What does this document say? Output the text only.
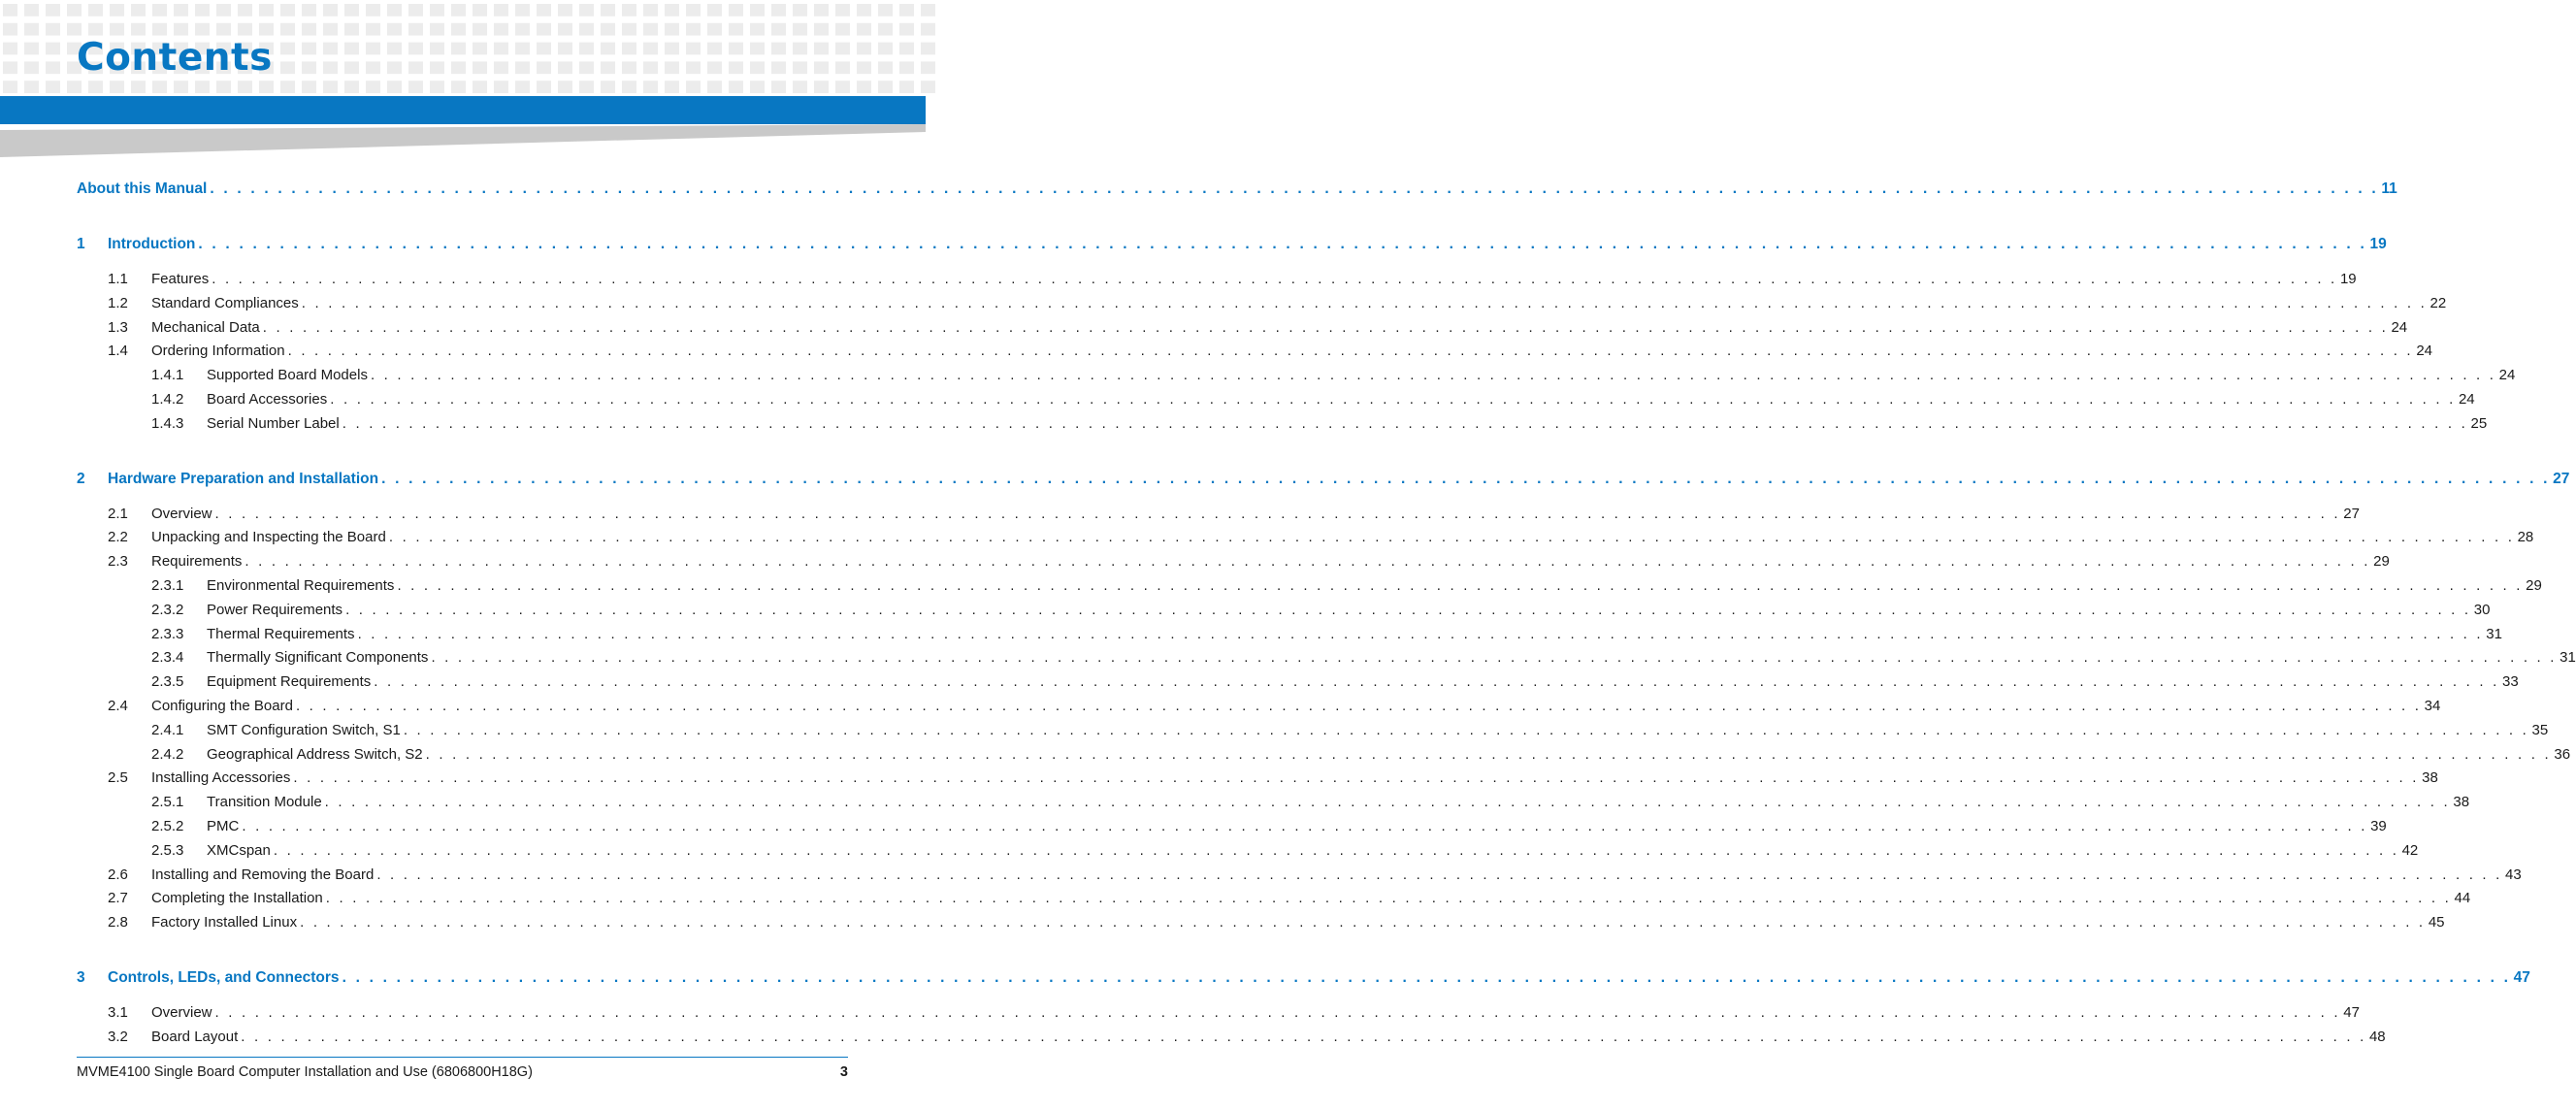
Contents
About this Manual . . . . . . . . . . . . . . . . . . . . . . . . . . . . . . . . . . . . . . . . . . . . . . . . . . . . . . . . . . . . . . . . . . . . . . . . . . . . . . . . . . . . . . . . . . . . . . . . . . . . . . . . . . . . . . . . . . . . . . . . . . . . . . . . . . . . . . . . . . . . . . . . . . . . . . . . . . . . . . . . 11
1	Introduction . . . . . . . . . . . . . . . . . . . . . . . . . . . . . . . . . . . . . . . . . . . . . . . . . . . . . . . . . . . . . . . . . . . . . . . . . . . . . . . . . . . . . . . . . . . . . . . . . . . . . . . . . . . . . . . . . . . . . . . . . . . . . . . . . . . . . . . . . . . . . . . . . . . . . . . . . . . . . . . . 19
1.1	Features . . . . . . . . . . . . . . . . . . . . . . . . . . . . . . . . . . . . . . . . . . . . . . . . . . . . . . . . . . . . . . . . . . . . . . . . . . . . . . . . . . . . . . . . . . . . . . . . . . . . . . . . . . . . . . . . . . . . . . . . . . . . . . . . . . . . . . . . . . . . . . . . . . . . . . . . . . . . . . . . 19
1.2	Standard Compliances . . . . . . . . . . . . . . . . . . . . . . . . . . . . . . . . . . . . . . . . . . . . . . . . . . . . . . . . . . . . . . . . . . . . . . . . . . . . . . . . . . . . . . . . . . . . . . . . . . . . . . . . . . . . . . . . . . . . . . . . . . . . . . . . . . . . . . . . . . . . . . . . . . . . . . . . . . . . . . . . 22
1.3	Mechanical Data . . . . . . . . . . . . . . . . . . . . . . . . . . . . . . . . . . . . . . . . . . . . . . . . . . . . . . . . . . . . . . . . . . . . . . . . . . . . . . . . . . . . . . . . . . . . . . . . . . . . . . . . . . . . . . . . . . . . . . . . . . . . . . . . . . . . . . . . . . . . . . . . . . . . . . . . . . . . . . . . 24
1.4	Ordering Information . . . . . . . . . . . . . . . . . . . . . . . . . . . . . . . . . . . . . . . . . . . . . . . . . . . . . . . . . . . . . . . . . . . . . . . . . . . . . . . . . . . . . . . . . . . . . . . . . . . . . . . . . . . . . . . . . . . . . . . . . . . . . . . . . . . . . . . . . . . . . . . . . . . . . . . . . . . . . . . . 24
1.4.1	Supported Board Models . . . . . . . . . . . . . . . . . . . . . . . . . . . . . . . . . . . . . . . . . . . . . . . . . . . . . . . . . . . . . . . . . . . . . . . . . . . . . . . . . . . . . . . . . . . . . . . . . . . . . . . . . . . . . . . . . . . . . . . . . . . . . . . . . . . . . . . . . . . . . . . . . . . . . . . . . . . . . . . . 24
1.4.2	Board Accessories . . . . . . . . . . . . . . . . . . . . . . . . . . . . . . . . . . . . . . . . . . . . . . . . . . . . . . . . . . . . . . . . . . . . . . . . . . . . . . . . . . . . . . . . . . . . . . . . . . . . . . . . . . . . . . . . . . . . . . . . . . . . . . . . . . . . . . . . . . . . . . . . . . . . . . . . . . . . . . . . 24
1.4.3	Serial Number Label . . . . . . . . . . . . . . . . . . . . . . . . . . . . . . . . . . . . . . . . . . . . . . . . . . . . . . . . . . . . . . . . . . . . . . . . . . . . . . . . . . . . . . . . . . . . . . . . . . . . . . . . . . . . . . . . . . . . . . . . . . . . . . . . . . . . . . . . . . . . . . . . . . . . . . . . . . . . . . . . 25
2	Hardware Preparation and Installation . . . . . . . . . . . . . . . . . . . . . . . . . . . . . . . . . . . . . . . . . . . . . . . . . . . . . . . . . . . . . . . . . . . . . . . . . . . . . . . . . . . . . . . . . . . . . . . . . . . . . . . . . . . . . . . . . . . . . . . . . . . . . . . . . . . . . . . . . . . . . . . . . . . . . . . . . . . . . . . . 27
2.1	Overview . . . . . . . . . . . . . . . . . . . . . . . . . . . . . . . . . . . . . . . . . . . . . . . . . . . . . . . . . . . . . . . . . . . . . . . . . . . . . . . . . . . . . . . . . . . . . . . . . . . . . . . . . . . . . . . . . . . . . . . . . . . . . . . . . . . . . . . . . . . . . . . . . . . . . . . . . . . . . . . . 27
2.2	Unpacking and Inspecting the Board . . . . . . . . . . . . . . . . . . . . . . . . . . . . . . . . . . . . . . . . . . . . . . . . . . . . . . . . . . . . . . . . . . . . . . . . . . . . . . . . . . . . . . . . . . . . . . . . . . . . . . . . . . . . . . . . . . . . . . . . . . . . . . . . . . . . . . . . . . . . . . . . . . . . . . . . . . . . . . . . 28
2.3	Requirements . . . . . . . . . . . . . . . . . . . . . . . . . . . . . . . . . . . . . . . . . . . . . . . . . . . . . . . . . . . . . . . . . . . . . . . . . . . . . . . . . . . . . . . . . . . . . . . . . . . . . . . . . . . . . . . . . . . . . . . . . . . . . . . . . . . . . . . . . . . . . . . . . . . . . . . . . . . . . . . . 29
2.3.1	Environmental Requirements . . . . . . . . . . . . . . . . . . . . . . . . . . . . . . . . . . . . . . . . . . . . . . . . . . . . . . . . . . . . . . . . . . . . . . . . . . . . . . . . . . . . . . . . . . . . . . . . . . . . . . . . . . . . . . . . . . . . . . . . . . . . . . . . . . . . . . . . . . . . . . . . . . . . . . . . . . . . . . . . 29
2.3.2	Power Requirements . . . . . . . . . . . . . . . . . . . . . . . . . . . . . . . . . . . . . . . . . . . . . . . . . . . . . . . . . . . . . . . . . . . . . . . . . . . . . . . . . . . . . . . . . . . . . . . . . . . . . . . . . . . . . . . . . . . . . . . . . . . . . . . . . . . . . . . . . . . . . . . . . . . . . . . . . . . . . . . . 30
2.3.3	Thermal Requirements . . . . . . . . . . . . . . . . . . . . . . . . . . . . . . . . . . . . . . . . . . . . . . . . . . . . . . . . . . . . . . . . . . . . . . . . . . . . . . . . . . . . . . . . . . . . . . . . . . . . . . . . . . . . . . . . . . . . . . . . . . . . . . . . . . . . . . . . . . . . . . . . . . . . . . . . . . . . . . . . 31
2.3.4	Thermally Significant Components . . . . . . . . . . . . . . . . . . . . . . . . . . . . . . . . . . . . . . . . . . . . . . . . . . . . . . . . . . . . . . . . . . . . . . . . . . . . . . . . . . . . . . . . . . . . . . . . . . . . . . . . . . . . . . . . . . . . . . . . . . . . . . . . . . . . . . . . . . . . . . . . . . . . . . . . . . . . . . . . 31
2.3.5	Equipment Requirements . . . . . . . . . . . . . . . . . . . . . . . . . . . . . . . . . . . . . . . . . . . . . . . . . . . . . . . . . . . . . . . . . . . . . . . . . . . . . . . . . . . . . . . . . . . . . . . . . . . . . . . . . . . . . . . . . . . . . . . . . . . . . . . . . . . . . . . . . . . . . . . . . . . . . . . . . . . . . . . . 33
2.4	Configuring the Board . . . . . . . . . . . . . . . . . . . . . . . . . . . . . . . . . . . . . . . . . . . . . . . . . . . . . . . . . . . . . . . . . . . . . . . . . . . . . . . . . . . . . . . . . . . . . . . . . . . . . . . . . . . . . . . . . . . . . . . . . . . . . . . . . . . . . . . . . . . . . . . . . . . . . . . . . . . . . . . . 34
2.4.1	SMT Configuration Switch, S1 . . . . . . . . . . . . . . . . . . . . . . . . . . . . . . . . . . . . . . . . . . . . . . . . . . . . . . . . . . . . . . . . . . . . . . . . . . . . . . . . . . . . . . . . . . . . . . . . . . . . . . . . . . . . . . . . . . . . . . . . . . . . . . . . . . . . . . . . . . . . . . . . . . . . . . . . . . . . . . . . 35
2.4.2	Geographical Address Switch, S2 . . . . . . . . . . . . . . . . . . . . . . . . . . . . . . . . . . . . . . . . . . . . . . . . . . . . . . . . . . . . . . . . . . . . . . . . . . . . . . . . . . . . . . . . . . . . . . . . . . . . . . . . . . . . . . . . . . . . . . . . . . . . . . . . . . . . . . . . . . . . . . . . . . . . . . . . . . . . . . . . 36
2.5	Installing Accessories . . . . . . . . . . . . . . . . . . . . . . . . . . . . . . . . . . . . . . . . . . . . . . . . . . . . . . . . . . . . . . . . . . . . . . . . . . . . . . . . . . . . . . . . . . . . . . . . . . . . . . . . . . . . . . . . . . . . . . . . . . . . . . . . . . . . . . . . . . . . . . . . . . . . . . . . . . . . . . . . 38
2.5.1	Transition Module . . . . . . . . . . . . . . . . . . . . . . . . . . . . . . . . . . . . . . . . . . . . . . . . . . . . . . . . . . . . . . . . . . . . . . . . . . . . . . . . . . . . . . . . . . . . . . . . . . . . . . . . . . . . . . . . . . . . . . . . . . . . . . . . . . . . . . . . . . . . . . . . . . . . . . . . . . . . . . . . 38
2.5.2	PMC . . . . . . . . . . . . . . . . . . . . . . . . . . . . . . . . . . . . . . . . . . . . . . . . . . . . . . . . . . . . . . . . . . . . . . . . . . . . . . . . . . . . . . . . . . . . . . . . . . . . . . . . . . . . . . . . . . . . . . . . . . . . . . . . . . . . . . . . . . . . . . . . . . . . . . . . . . . . . . . . 39
2.5.3	XMCspan . . . . . . . . . . . . . . . . . . . . . . . . . . . . . . . . . . . . . . . . . . . . . . . . . . . . . . . . . . . . . . . . . . . . . . . . . . . . . . . . . . . . . . . . . . . . . . . . . . . . . . . . . . . . . . . . . . . . . . . . . . . . . . . . . . . . . . . . . . . . . . . . . . . . . . . . . . . . . . . . 42
2.6	Installing and Removing the Board . . . . . . . . . . . . . . . . . . . . . . . . . . . . . . . . . . . . . . . . . . . . . . . . . . . . . . . . . . . . . . . . . . . . . . . . . . . . . . . . . . . . . . . . . . . . . . . . . . . . . . . . . . . . . . . . . . . . . . . . . . . . . . . . . . . . . . . . . . . . . . . . . . . . . . . . . . . . . . . . 43
2.7	Completing the Installation . . . . . . . . . . . . . . . . . . . . . . . . . . . . . . . . . . . . . . . . . . . . . . . . . . . . . . . . . . . . . . . . . . . . . . . . . . . . . . . . . . . . . . . . . . . . . . . . . . . . . . . . . . . . . . . . . . . . . . . . . . . . . . . . . . . . . . . . . . . . . . . . . . . . . . . . . . . . . . . . 44
2.8	Factory Installed Linux . . . . . . . . . . . . . . . . . . . . . . . . . . . . . . . . . . . . . . . . . . . . . . . . . . . . . . . . . . . . . . . . . . . . . . . . . . . . . . . . . . . . . . . . . . . . . . . . . . . . . . . . . . . . . . . . . . . . . . . . . . . . . . . . . . . . . . . . . . . . . . . . . . . . . . . . . . . . . . . . 45
3	Controls, LEDs, and Connectors . . . . . . . . . . . . . . . . . . . . . . . . . . . . . . . . . . . . . . . . . . . . . . . . . . . . . . . . . . . . . . . . . . . . . . . . . . . . . . . . . . . . . . . . . . . . . . . . . . . . . . . . . . . . . . . . . . . . . . . . . . . . . . . . . . . . . . . . . . . . . . . . . . . . . . . . . . . . . . . . 47
3.1	Overview . . . . . . . . . . . . . . . . . . . . . . . . . . . . . . . . . . . . . . . . . . . . . . . . . . . . . . . . . . . . . . . . . . . . . . . . . . . . . . . . . . . . . . . . . . . . . . . . . . . . . . . . . . . . . . . . . . . . . . . . . . . . . . . . . . . . . . . . . . . . . . . . . . . . . . . . . . . . . . . . 47
3.2	Board Layout . . . . . . . . . . . . . . . . . . . . . . . . . . . . . . . . . . . . . . . . . . . . . . . . . . . . . . . . . . . . . . . . . . . . . . . . . . . . . . . . . . . . . . . . . . . . . . . . . . . . . . . . . . . . . . . . . . . . . . . . . . . . . . . . . . . . . . . . . . . . . . . . . . . . . . . . . . . . . . . . 48
MVME4100 Single Board Computer Installation and Use (6806800H18G)	3
